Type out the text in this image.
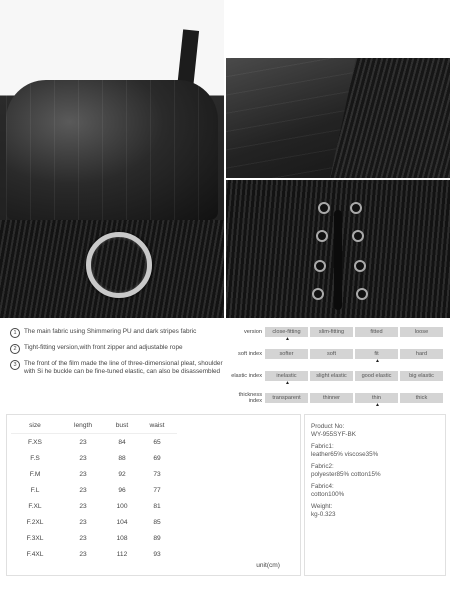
1	The main fabric using Shimmering PU and dark stripes fabric
2	Tight-fitting version,with front zipper and adjustable rope
3	The front of the film made the line of three-dimensional pleat, shoulder with Si he buckle can be fine-tuned elastic, can also be disassembled
version	close-fitting	slim-fitting	fitted	loose
▲
soft index	softer	soft	fit	hard
▲
elastic index	inelastic	slight elastic	good elastic	big elastic
▲
thickness index	transparent	thinner	thin	thick
▲
size	length	bust	waist
F.XS	23	84	65
F.S	23	88	69
F.M	23	92	73
F.L	23	96	77
F.XL	23	100	81
F.2XL	23	104	85
F.3XL	23	108	89
F.4XL	23	112	93
unit(cm)
Product No:
WY-955SYF-BK
Fabric1:
leather65% viscose35%
Fabric2:
polyester85% cotton15%
Fabric4:
cotton100%
Weight:
kg-0.323
